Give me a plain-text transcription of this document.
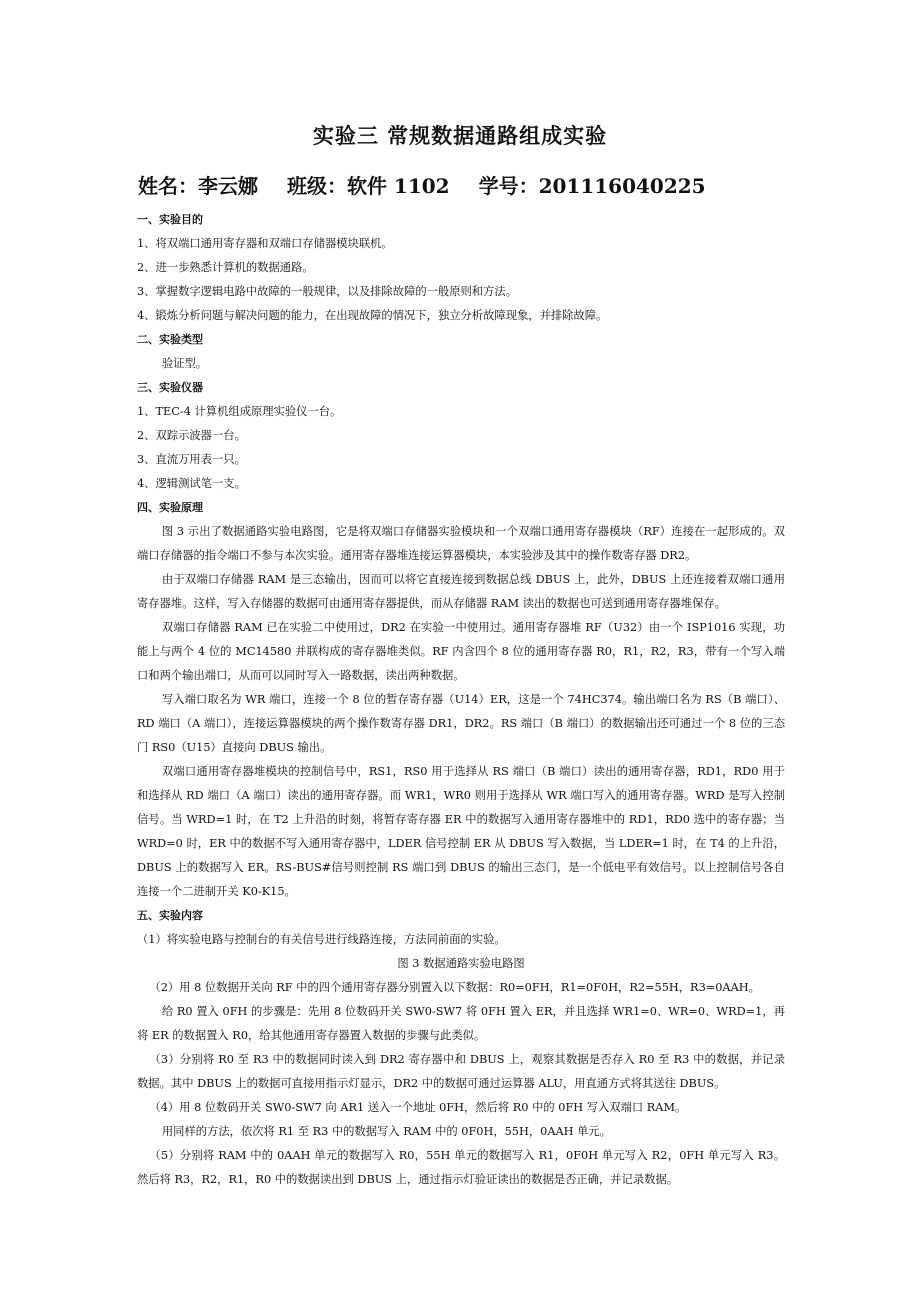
实验三 常规数据通路组成实验
姓名：李云娜 班级：软件 1102 学号：201116040225

一、实验目的

1、将双端口通用寄存器和双端口存储器模块联机。

2、进一步熟悉计算机的数据通路。

3、掌握数字逻辑电路中故障的一般规律，以及排除故障的一般原则和方法。

4、锻炼分析问题与解决问题的能力，在出现故障的情况下，独立分析故障现象，并排除故障。

二、实验类型

验证型。

三、实验仪器

1、TEC-4 计算机组成原理实验仪一台。

2、双踪示波器一台。

3、直流万用表一只。

4、逻辑测试笔一支。

四、实验原理

图 3 示出了数据通路实验电路图，它是将双端口存储器实验模块和一个双端口通用寄存器模块（RF）连接在一起形成的。双端口存储器的指令端口不参与本次实验。通用寄存器堆连接运算器模块，本实验涉及其中的操作数寄存器 DR2。

由于双端口存储器 RAM 是三态输出，因而可以将它直接连接到数据总线 DBUS 上，此外，DBUS 上还连接着双端口通用寄存器堆。这样，写入存储器的数据可由通用寄存器提供，而从存储器 RAM 读出的数据也可送到通用寄存器堆保存。

双端口存储器 RAM 已在实验二中使用过，DR2 在实验一中使用过。通用寄存器堆 RF（U32）由一个 ISP1016 实现，功能上与两个 4 位的 MC14580 并联构成的寄存器堆类似。RF 内含四个 8 位的通用寄存器 R0，R1，R2，R3，带有一个写入端口和两个输出端口，从而可以同时写入一路数据，读出两种数据。

写入端口取名为 WR 端口，连接一个 8 位的暂存寄存器（U14）ER，这是一个 74HC374。输出端口名为 RS（B 端口）、RD 端口（A 端口），连接运算器模块的两个操作数寄存器 DR1，DR2。RS 端口（B 端口）的数据输出还可通过一个 8 位的三态门 RS0（U15）直接向 DBUS 输出。

双端口通用寄存器堆模块的控制信号中，RS1，RS0 用于选择从 RS 端口（B 端口）读出的通用寄存器，RD1，RD0 用于和选择从 RD 端口（A 端口）读出的通用寄存器。而 WR1，WR0 则用于选择从 WR 端口写入的通用寄存器。WRD 是写入控制信号。当 WRD=1 时，在 T2 上升沿的时刻，将暂存寄存器 ER 中的数据写入通用寄存器堆中的 RD1，RD0 选中的寄存器；当 WRD=0 时，ER 中的数据不写入通用寄存器中，LDER 信号控制 ER 从 DBUS 写入数据，当 LDER=1 时，在 T4 的上升沿，DBUS 上的数据写入 ER。RS-BUS#信号则控制 RS 端口到 DBUS 的输出三态门，是一个低电平有效信号。以上控制信号各自连接一个二进制开关 K0-K15。

五、实验内容

（1）将实验电路与控制台的有关信号进行线路连接，方法同前面的实验。

图 3 数据通路实验电路图

（2）用 8 位数据开关向 RF 中的四个通用寄存器分别置入以下数据：R0=0FH，R1=0F0H，R2=55H，R3=0AAH。

给 R0 置入 0FH 的步骤是：先用 8 位数码开关 SW0-SW7 将 0FH 置入 ER，并且选择 WR1=0、WR=0、WRD=1，再将 ER 的数据置入 R0，给其他通用寄存器置入数据的步骤与此类似。

（3）分别将 R0 至 R3 中的数据同时读入到 DR2 寄存器中和 DBUS 上，观察其数据是否存入 R0 至 R3 中的数据，并记录数据。其中 DBUS 上的数据可直接用指示灯显示，DR2 中的数据可通过运算器 ALU，用直通方式将其送往 DBUS。

（4）用 8 位数码开关 SW0-SW7 向 AR1 送入一个地址 0FH，然后将 R0 中的 0FH 写入双端口 RAM。

用同样的方法，依次将 R1 至 R3 中的数据写入 RAM 中的 0F0H，55H，0AAH 单元。

（5）分别将 RAM 中的 0AAH 单元的数据写入 R0，55H 单元的数据写入 R1，0F0H 单元写入 R2，0FH 单元写入 R3。然后将 R3，R2，R1，R0 中的数据读出到 DBUS 上，通过指示灯验证读出的数据是否正确，并记录数据。
